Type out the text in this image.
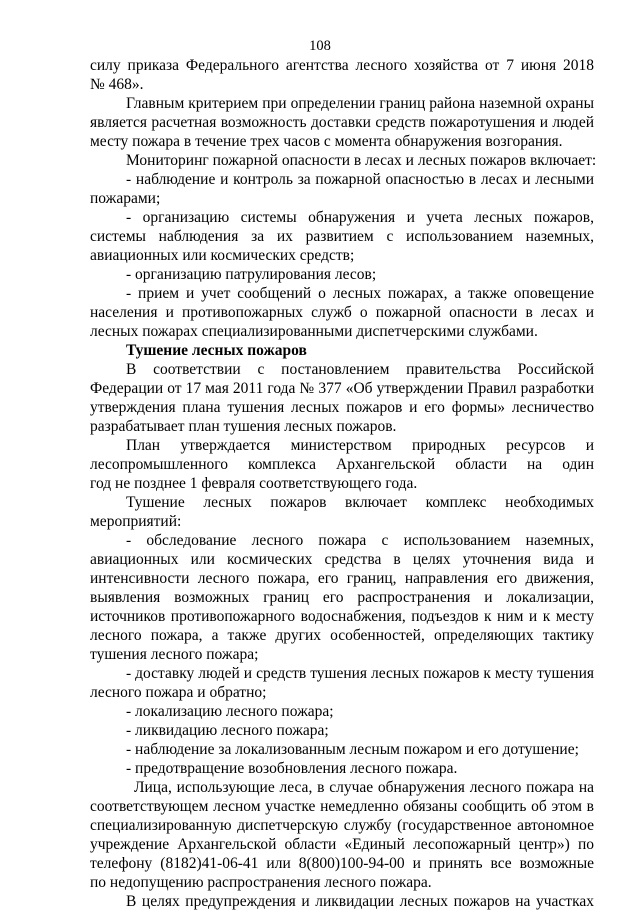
108
силу приказа Федерального агентства лесного хозяйства от 7 июня 2018
№ 468».
Главным критерием при определении границ района наземной охраны
является расчетная возможность доставки средств пожаротушения и людей
месту пожара в течение трех часов с момента обнаружения возгорания.
Мониторинг пожарной опасности в лесах и лесных пожаров включает:
- наблюдение и контроль за пожарной опасностью в лесах и лесными
пожарами;
- организацию системы обнаружения и учета лесных пожаров,
системы наблюдения за их развитием с использованием наземных,
авиационных или космических средств;
- организацию патрулирования лесов;
- прием и учет сообщений о лесных пожарах, а также оповещение
населения и противопожарных служб о пожарной опасности в лесах и
лесных пожарах специализированными диспетчерскими службами.
Тушение лесных пожаров
В соответствии с постановлением правительства Российской
Федерации от 17 мая 2011 года № 377 «Об утверждении Правил разработки
утверждения плана тушения лесных пожаров и его формы» лесничество
разрабатывает план тушения лесных пожаров.
План утверждается министерством природных ресурсов и
лесопромышленного комплекса Архангельской области на один
год не позднее 1 февраля соответствующего года.
Тушение лесных пожаров включает комплекс необходимых
мероприятий:
- обследование лесного пожара с использованием наземных,
авиационных или космических средства в целях уточнения вида и
интенсивности лесного пожара, его границ, направления его движения,
выявления возможных границ его распространения и локализации,
источников противопожарного водоснабжения, подъездов к ним и к месту
лесного пожара, а также других особенностей, определяющих тактику
тушения лесного пожара;
- доставку людей и средств тушения лесных пожаров к месту тушения
лесного пожара и обратно;
- локализацию лесного пожара;
- ликвидацию лесного пожара;
- наблюдение за локализованным лесным пожаром и его дотушение;
- предотвращение возобновления лесного пожара.
Лица, использующие леса, в случае обнаружения лесного пожара на
соответствующем лесном участке немедленно обязаны сообщить об этом в
специализированную диспетчерскую службу (государственное автономное
учреждение Архангельской области «Единый лесопожарный центр») по
телефону (8182)41-06-41 или 8(800)100-94-00 и принять все возможные
по недопущению распространения лесного пожара.
В целях предупреждения и ликвидации лесных пожаров на участках
